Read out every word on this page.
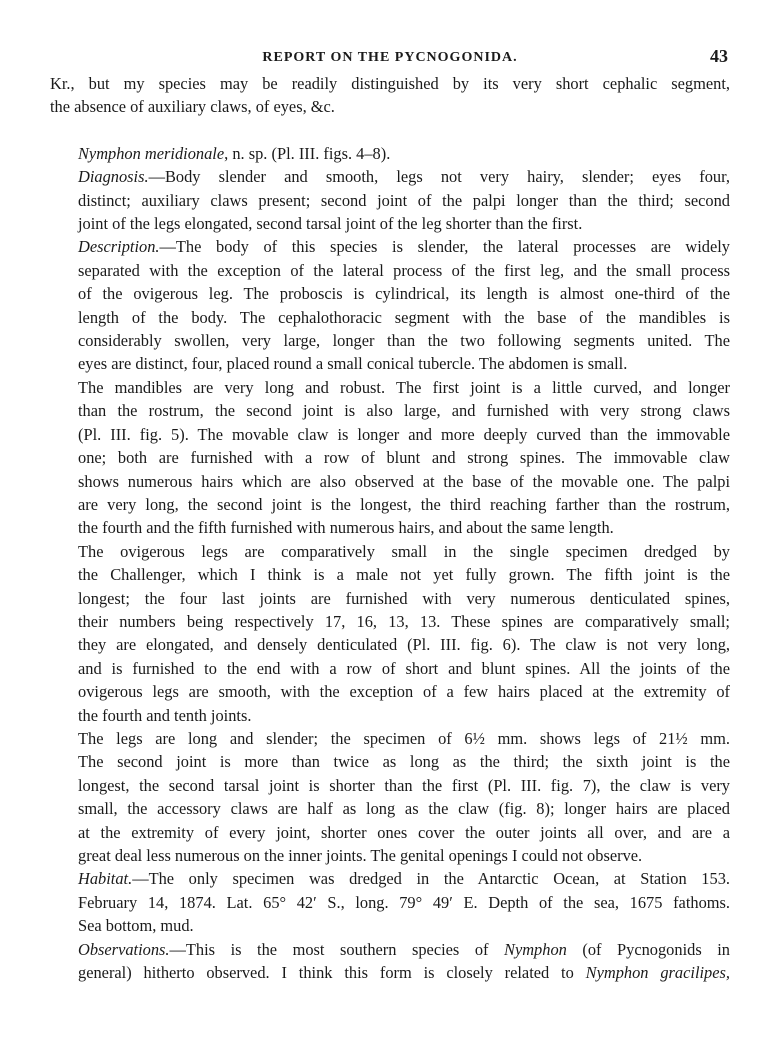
REPORT ON THE PYCNOGONIDA.	43

Kr., but my species may be readily distinguished by its very short cephalic segment,
the absence of auxiliary claws, of eyes, &c.

Nymphon meridionale, n. sp. (Pl. III. figs. 4–8).

Diagnosis.—Body slender and smooth, legs not very hairy, slender; eyes four,
distinct; auxiliary claws present; second joint of the palpi longer than the third; second
joint of the legs elongated, second tarsal joint of the leg shorter than the first.

Description.—The body of this species is slender, the lateral processes are widely
separated with the exception of the lateral process of the first leg, and the small process
of the ovigerous leg. The proboscis is cylindrical, its length is almost one-third of the
length of the body. The cephalothoracic segment with the base of the mandibles is
considerably swollen, very large, longer than the two following segments united. The
eyes are distinct, four, placed round a small conical tubercle. The abdomen is small.

The mandibles are very long and robust. The first joint is a little curved, and longer
than the rostrum, the second joint is also large, and furnished with very strong claws
(Pl. III. fig. 5). The movable claw is longer and more deeply curved than the immovable
one; both are furnished with a row of blunt and strong spines. The immovable claw
shows numerous hairs which are also observed at the base of the movable one. The palpi
are very long, the second joint is the longest, the third reaching farther than the rostrum,
the fourth and the fifth furnished with numerous hairs, and about the same length.

The ovigerous legs are comparatively small in the single specimen dredged by
the Challenger, which I think is a male not yet fully grown. The fifth joint is the
longest; the four last joints are furnished with very numerous denticulated spines,
their numbers being respectively 17, 16, 13, 13. These spines are comparatively small;
they are elongated, and densely denticulated (Pl. III. fig. 6). The claw is not very long,
and is furnished to the end with a row of short and blunt spines. All the joints of the
ovigerous legs are smooth, with the exception of a few hairs placed at the extremity of
the fourth and tenth joints.

The legs are long and slender; the specimen of 6½ mm. shows legs of 21½ mm.
The second joint is more than twice as long as the third; the sixth joint is the
longest, the second tarsal joint is shorter than the first (Pl. III. fig. 7), the claw is very
small, the accessory claws are half as long as the claw (fig. 8); longer hairs are placed
at the extremity of every joint, shorter ones cover the outer joints all over, and are a
great deal less numerous on the inner joints. The genital openings I could not observe.

Habitat.—The only specimen was dredged in the Antarctic Ocean, at Station 153.
February 14, 1874. Lat. 65° 42′ S., long. 79° 49′ E. Depth of the sea, 1675 fathoms.
Sea bottom, mud.

Observations.—This is the most southern species of Nymphon (of Pycnogonids in
general) hitherto observed. I think this form is closely related to Nymphon gracilipes,
